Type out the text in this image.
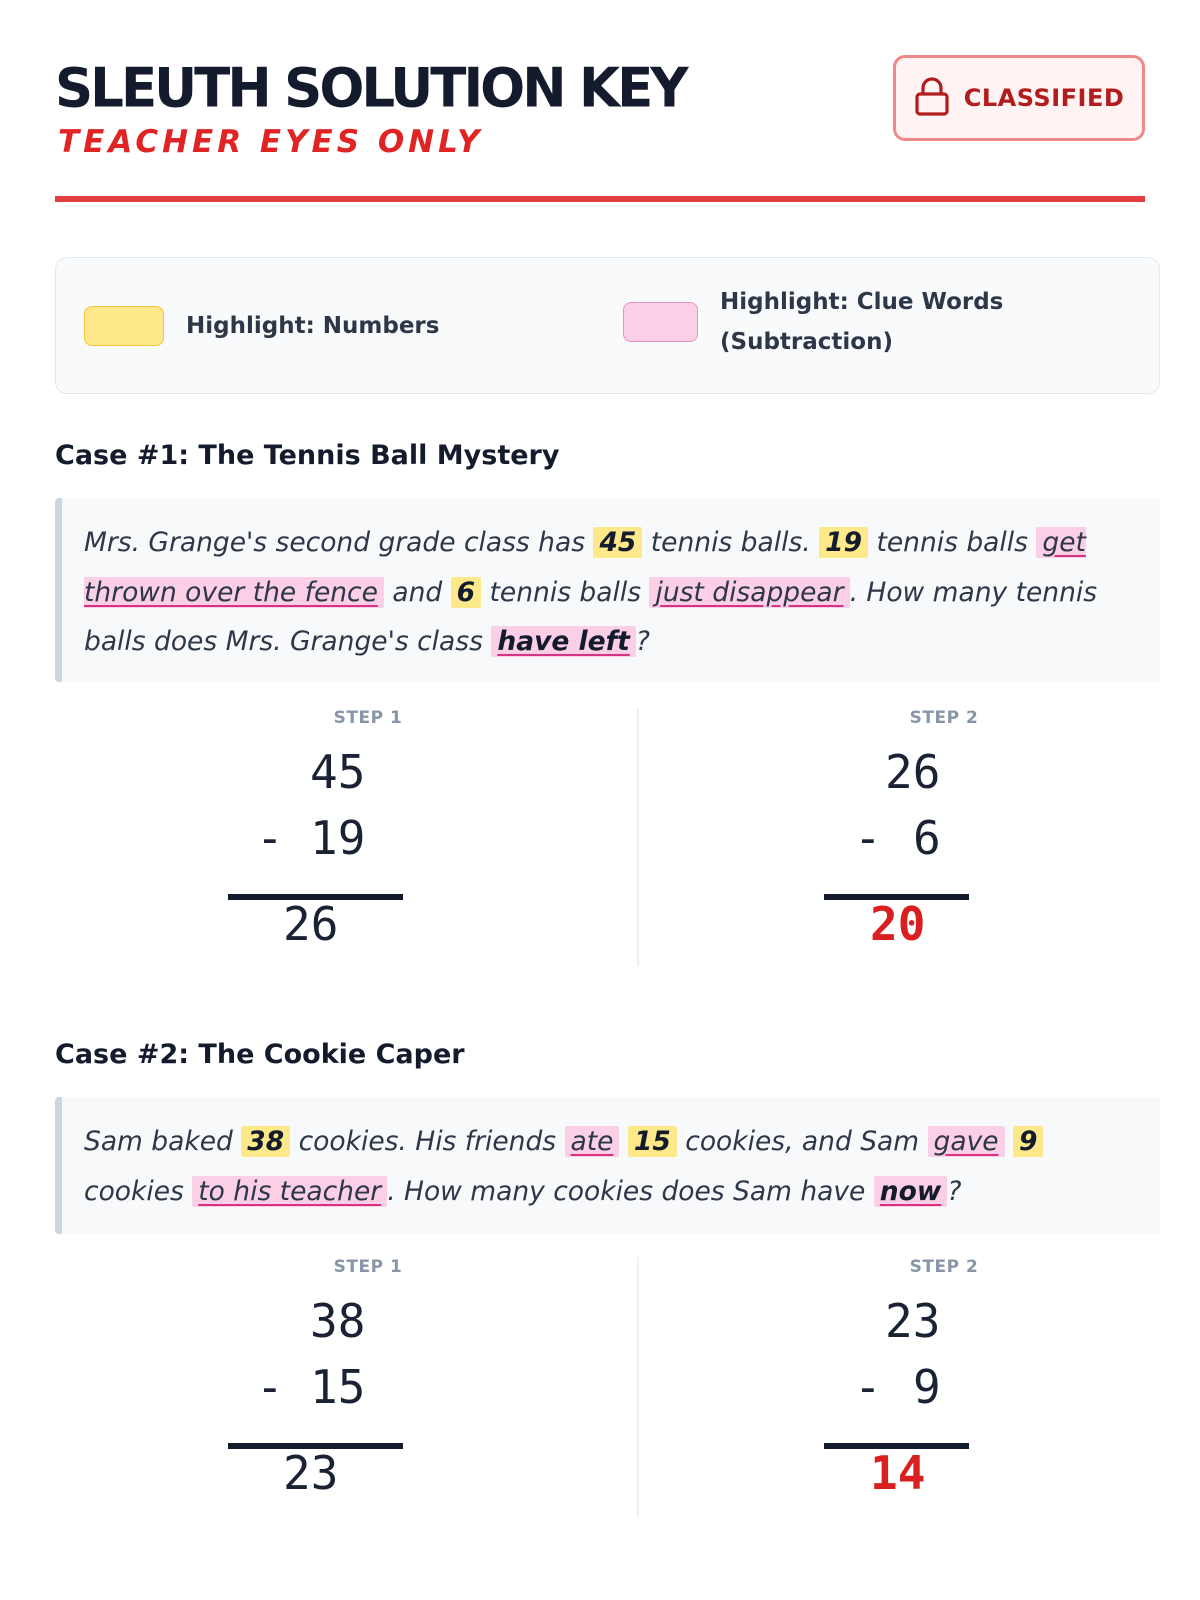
SLEUTH SOLUTION KEY
TEACHER EYES ONLY
CLASSIFIED
Highlight: Numbers
Highlight: Clue Words (Subtraction)
Case #1: The Tennis Ball Mystery
Mrs. Grange's second grade class has 45 tennis balls. 19 tennis balls get thrown over the fence and 6 tennis balls just disappear . How many tennis balls does Mrs. Grange's class have left ?
STEP 1
45
- 19
26
STEP 2
26
- 6
20
Case #2: The Cookie Caper
Sam baked 38 cookies. His friends ate 15 cookies, and Sam gave 9 cookies to his teacher . How many cookies does Sam have now ?
STEP 1
38
- 15
23
STEP 2
23
- 9
14
